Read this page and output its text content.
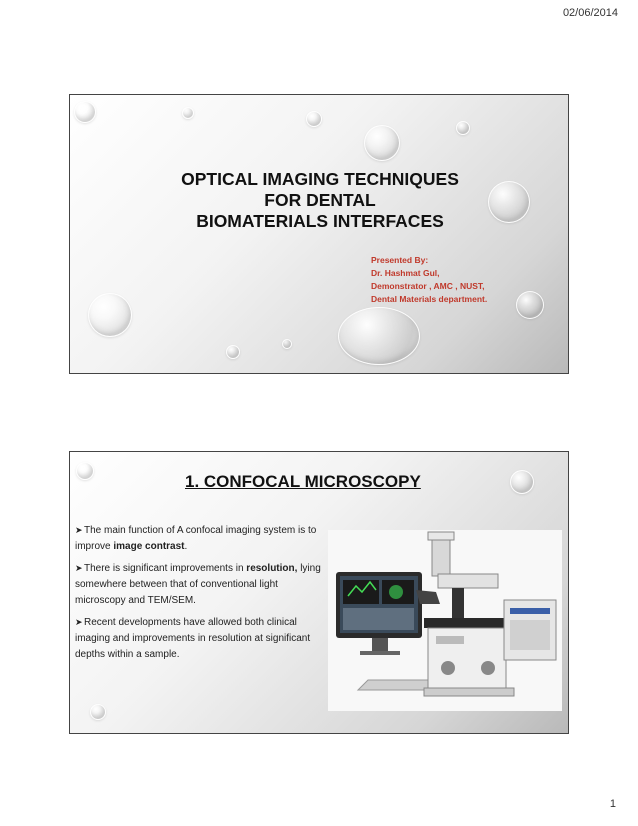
02/06/2014
OPTICAL IMAGING TECHNIQUES
FOR DENTAL
BIOMATERIALS INTERFACES
Presented By:
Dr. Hashmat Gul,
Demonstrator , AMC , NUST,
Dental Materials department.
1. CONFOCAL MICROSCOPY
➤The main function of A confocal imaging system is to improve image contrast.
➤There is significant improvements in resolution, lying somewhere between that of conventional light microscopy and TEM/SEM.
➤Recent developments have allowed both clinical imaging and improvements in resolution at significant depths within a sample.
1
